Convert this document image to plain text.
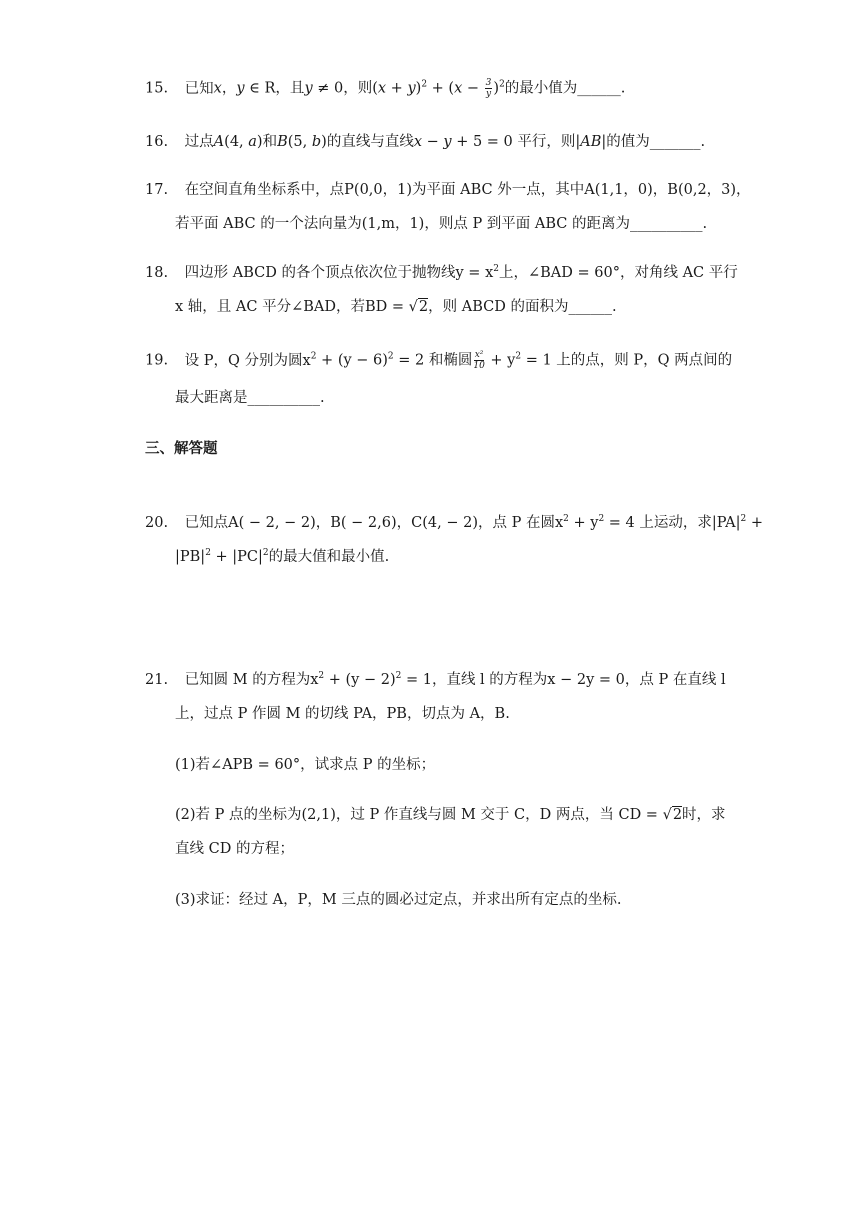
15. 已知x，y ∈ R，且y ≠ 0，则$(x + y)^2 + (x - \frac{3}{y} )^2$的最小值为______.
16. 过点A(4, a)和B(5, b)的直线与直线x − y + 5 = 0 平行，则|AB|的值为_______.
17. 在空间直角坐标系中，点P(0,0，1)为平面 ABC 外一点，其中A(1,1，0)，B(0,2，3)，
若平面 ABC 的一个法向量为(1,m，1)，则点 P 到平面 ABC 的距离为__________.
18. 四边形 ABCD 的各个顶点依次位于抛物线$y = x^2$上，∠BAD = 60°，对角线 AC 平行
x 轴，且 AC 平分∠BAD，若BD = √2，则 ABCD 的面积为______.
19. 设 P，Q 分别为圆$x^2 + (y - 6)^2 = 2$ 和椭圆 $\frac{\text{x²}}{10} + y^2 = 1$ 上的点，则 P，Q 两点间的
最大距离是__________.
三、解答题
20. 已知点A( − 2, − 2)，B( − 2,6)，C(4, − 2)，点 P 在圆$x^2 + y^2 = 4$ 上运动，求$|PA|^2$ +
$|PB|^2 + |PC|^2$的最大值和最小值.
21. 已知圆 M 的方程为$x^2 + (y - 2)^2 = 1$，直线 l 的方程为x − 2y = 0，点 P 在直线 l
上，过点 P 作圆 M 的切线 PA，PB，切点为 A，B.
(1)若∠APB = 60°，试求点 P 的坐标；
(2)若 P 点的坐标为(2,1)，过 P 作直线与圆 M 交于 C，D 两点，当 CD = √2时，求
直线 CD 的方程；
(3)求证：经过 A，P，M 三点的圆必过定点，并求出所有定点的坐标.
